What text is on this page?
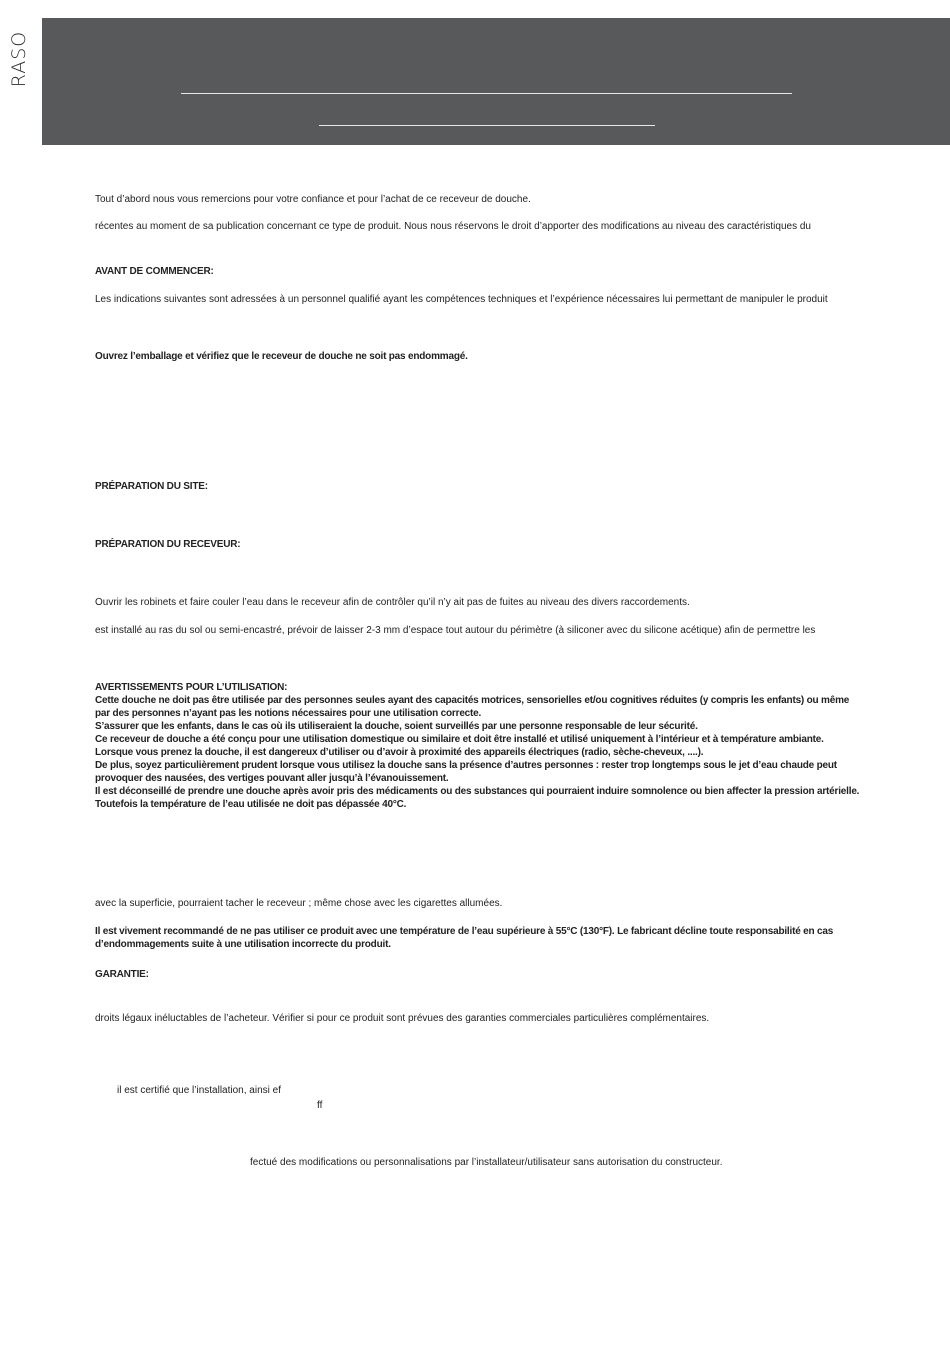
RASO

Tout d’abord nous vous remercions pour votre confiance et pour l’achat de ce receveur de douche.

récentes au moment de sa publication concernant ce type de produit. Nous nous réservons le droit d’apporter des modifications au niveau des caractéristiques du

AVANT DE COMMENCER:

Les indications suivantes sont adressées à un personnel qualifié ayant les compétences techniques et l’expérience nécessaires lui permettant de manipuler le produit

Ouvrez l’emballage et vérifiez que le receveur de douche ne soit pas endommagé.

PRÉPARATION DU SITE:

PRÉPARATION DU RECEVEUR:

Ouvrir les robinets et faire couler l’eau dans le receveur afin de contrôler qu’il n’y ait pas de fuites au niveau des divers raccordements.

est installé au ras du sol ou semi-encastré, prévoir de laisser 2-3 mm d’espace tout autour du périmètre (à siliconer avec du silicone acétique) afin de permettre les

AVERTISSEMENTS POUR L’UTILISATION:
Cette douche ne doit pas être utilisée par des personnes seules ayant des capacités motrices, sensorielles et/ou cognitives réduites (y compris les enfants) ou même
par des personnes n’ayant pas les notions nécessaires pour une utilisation correcte.
S’assurer que les enfants, dans le cas où ils utiliseraient la douche, soient surveillés par une personne responsable de leur sécurité.
Ce receveur de douche a été conçu pour une utilisation domestique ou similaire et doit être installé et utilisé uniquement à l’intérieur et à température ambiante.
Lorsque vous prenez la douche, il est dangereux d’utiliser ou d’avoir à proximité des appareils électriques (radio, sèche-cheveux, ....).
De plus, soyez particulièrement prudent lorsque vous utilisez la douche sans la présence d’autres personnes : rester trop longtemps sous le jet d’eau chaude peut
provoquer des nausées, des vertiges pouvant aller jusqu’à l’évanouissement.
Il est déconseillé de prendre une douche après avoir pris des médicaments ou des substances qui pourraient induire somnolence ou bien affecter la pression artérielle.
Toutefois la température de l’eau utilisée ne doit pas dépassée 40°C.

avec la superficie, pourraient tacher le receveur ; même chose avec les cigarettes allumées.

Il est vivement recommandé de ne pas utiliser ce produit avec une température de l’eau supérieure à 55°C (130°F). Le fabricant décline toute responsabilité en cas
d’endommagements suite à une utilisation incorrecte du produit.

GARANTIE:

droits légaux inéluctables de l’acheteur. Vérifier si pour ce produit sont prévues des garanties commerciales particulières complémentaires.

il est certifié que l’installation, ainsi ef

ff

fectué des modifications ou personnalisations par l’installateur/utilisateur sans autorisation du constructeur.
